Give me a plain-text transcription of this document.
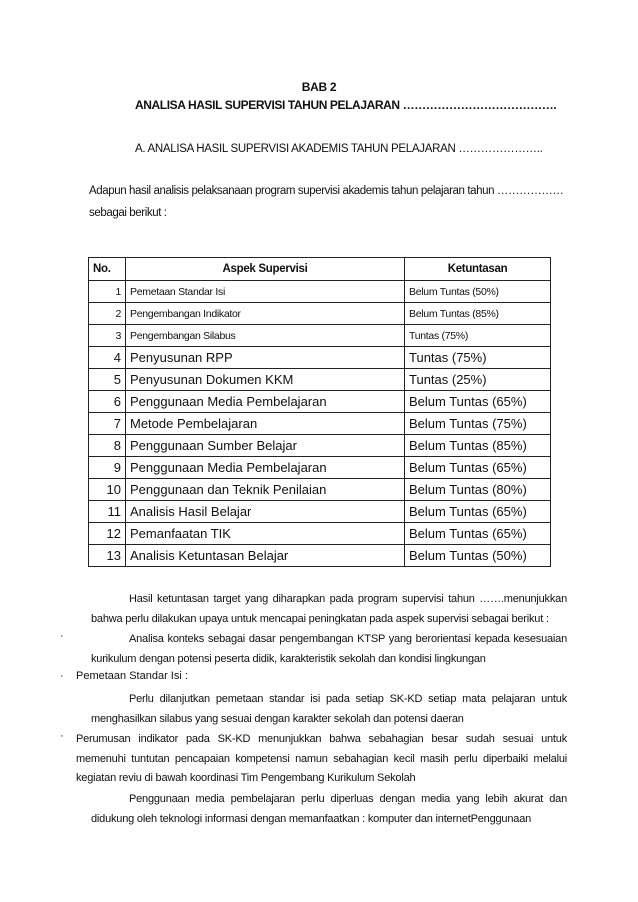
BAB 2
ANALISA HASIL SUPERVISI TAHUN PELAJARAN ………………………………….
A. ANALISA HASIL SUPERVISI AKADEMIS TAHUN PELAJARAN …………………..
Adapun hasil analisis pelaksanaan program supervisi akademis tahun pelajaran tahun ……………… sebagai berikut :
No.	Aspek Supervisi	Ketuntasan
1	Pemetaan Standar Isi	Belum Tuntas (50%)
2	Pengembangan Indikator	Belum Tuntas (85%)
3	Pengembangan Silabus	Tuntas (75%)
4	Penyusunan RPP	Tuntas (75%)
5	Penyusunan Dokumen KKM	Tuntas (25%)
6	Penggunaan Media Pembelajaran	Belum Tuntas (65%)
7	Metode Pembelajaran	Belum Tuntas (75%)
8	Penggunaan Sumber Belajar	Belum Tuntas (85%)
9	Penggunaan Media Pembelajaran	Belum Tuntas (65%)
10	Penggunaan dan Teknik Penilaian	Belum Tuntas (80%)
11	Analisis Hasil Belajar	Belum Tuntas (65%)
12	Pemanfaatan TIK	Belum Tuntas (65%)
13	Analisis Ketuntasan Belajar	Belum Tuntas (50%)
Hasil ketuntasan target yang diharapkan pada program supervisi tahun …….menunjukkan bahwa perlu dilakukan upaya untuk mencapai peningkatan pada aspek supervisi sebagai berikut :
·	Analisa konteks sebagai dasar pengembangan KTSP yang berorientasi kepada kesesuaian kurikulum dengan potensi peserta didik, karakteristik sekolah dan kondisi lingkungan
· Pemetaan Standar Isi :
Perlu dilanjutkan pemetaan standar isi pada setiap SK-KD setiap mata pelajaran untuk menghasilkan silabus yang sesuai dengan karakter sekolah dan potensi daeran
· Perumusan indikator pada SK-KD menunjukkan bahwa sebahagian besar sudah sesuai untuk memenuhi tuntutan pencapaian kompetensi namun sebahagian kecil masih perlu diperbaiki melalui kegiatan reviu di bawah koordinasi Tim Pengembang Kurikulum Sekolah
Penggunaan media pembelajaran perlu diperluas dengan media yang lebih akurat dan didukung oleh teknologi informasi dengan memanfaatkan : komputer dan internetPenggunaan
